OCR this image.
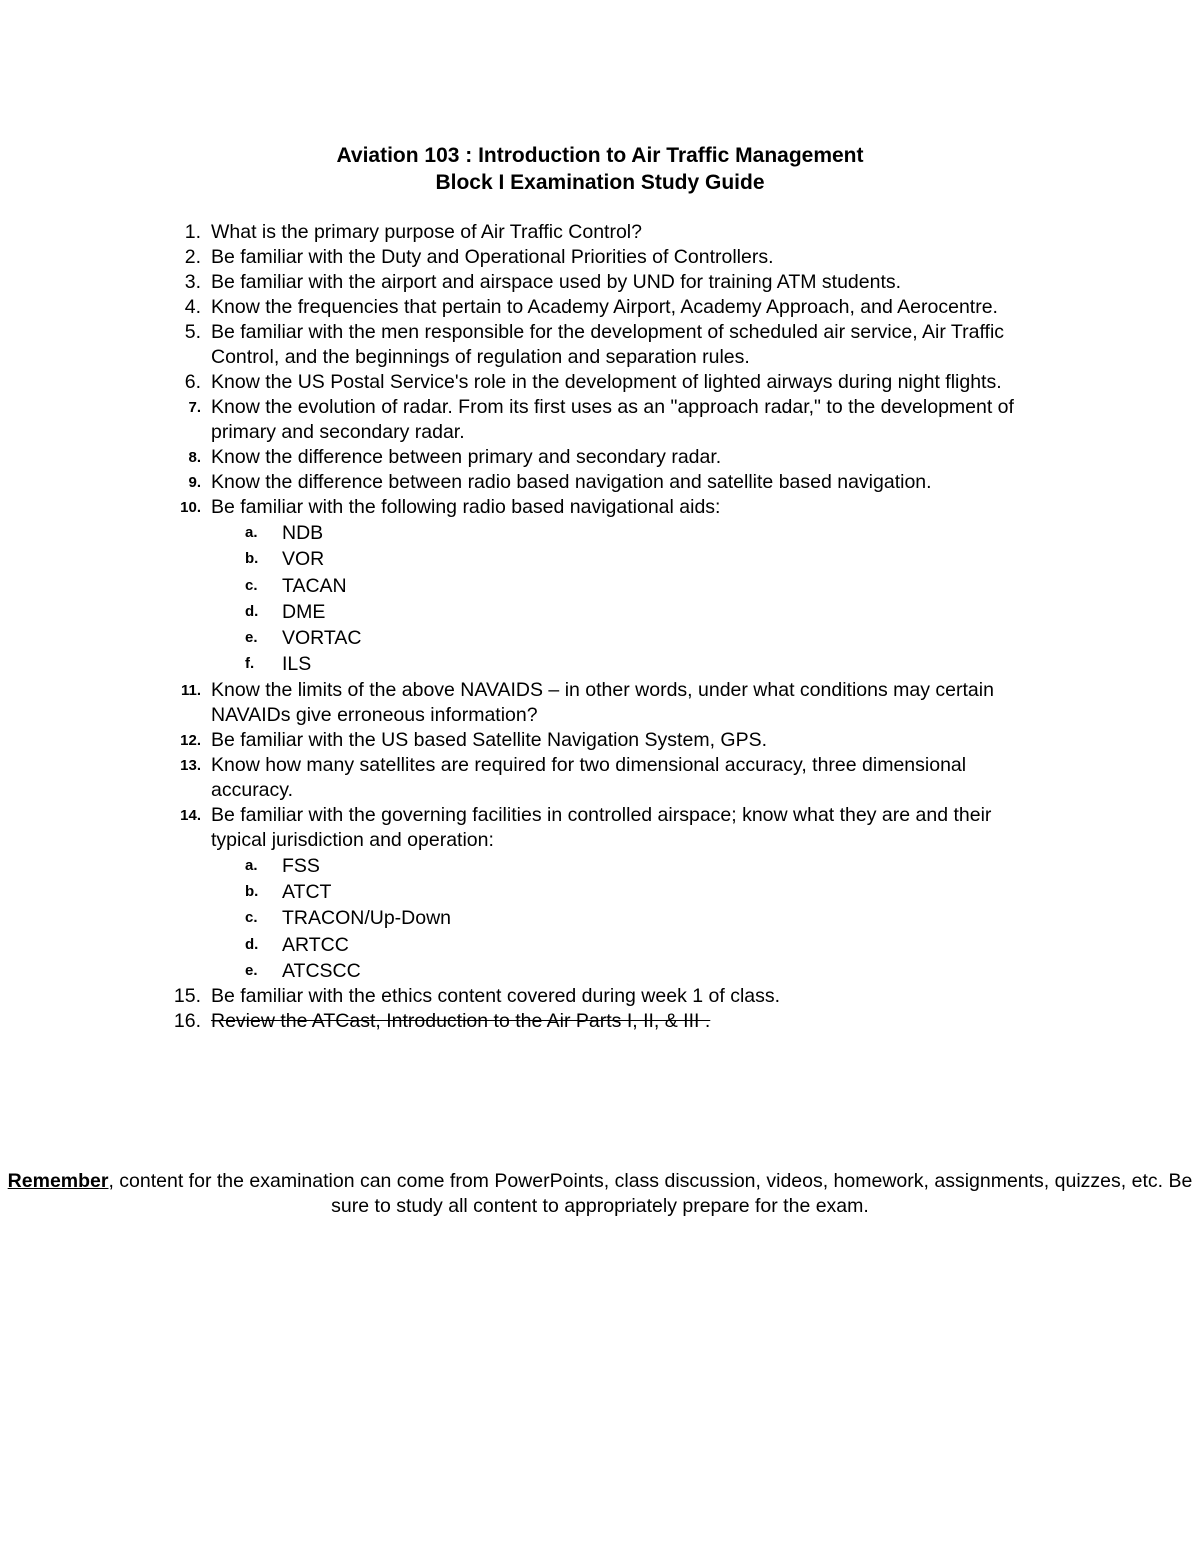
Aviation 103 : Introduction to Air Traffic Management
Block I Examination Study Guide
1. What is the primary purpose of Air Traffic Control?
2. Be familiar with the Duty and Operational Priorities of Controllers.
3. Be familiar with the airport and airspace used by UND for training ATM students.
4. Know the frequencies that pertain to Academy Airport, Academy Approach, and Aerocentre.
5. Be familiar with the men responsible for the development of scheduled air service, Air Traffic Control, and the beginnings of regulation and separation rules.
6. Know the US Postal Service's role in the development of lighted airways during night flights.
7. Know the evolution of radar. From its first uses as an "approach radar," to the development of primary and secondary radar.
8. Know the difference between primary and secondary radar.
9. Know the difference between radio based navigation and satellite based navigation.
10. Be familiar with the following radio based navigational aids:
a.	NDB
b.	VOR
c.	TACAN
d.	DME
e.	VORTAC
f.	ILS
11. Know the limits of the above NAVAIDS – in other words, under what conditions may certain NAVAIDs give erroneous information?
12. Be familiar with the US based Satellite Navigation System, GPS.
13. Know how many satellites are required for two dimensional accuracy, three dimensional accuracy.
14. Be familiar with the governing facilities in controlled airspace; know what they are and their typical jurisdiction and operation:
a.	FSS
b.	ATCT
c.	TRACON/Up-Down
d.	ARTCC
e.	ATCSCC
15. Be familiar with the ethics content covered during week 1 of class.
16. Review the ATCast, Introduction to the Air Parts I, II, & III .
Remember, content for the examination can come from PowerPoints, class discussion, videos, homework, assignments, quizzes, etc. Be sure to study all content to appropriately prepare for the exam.
